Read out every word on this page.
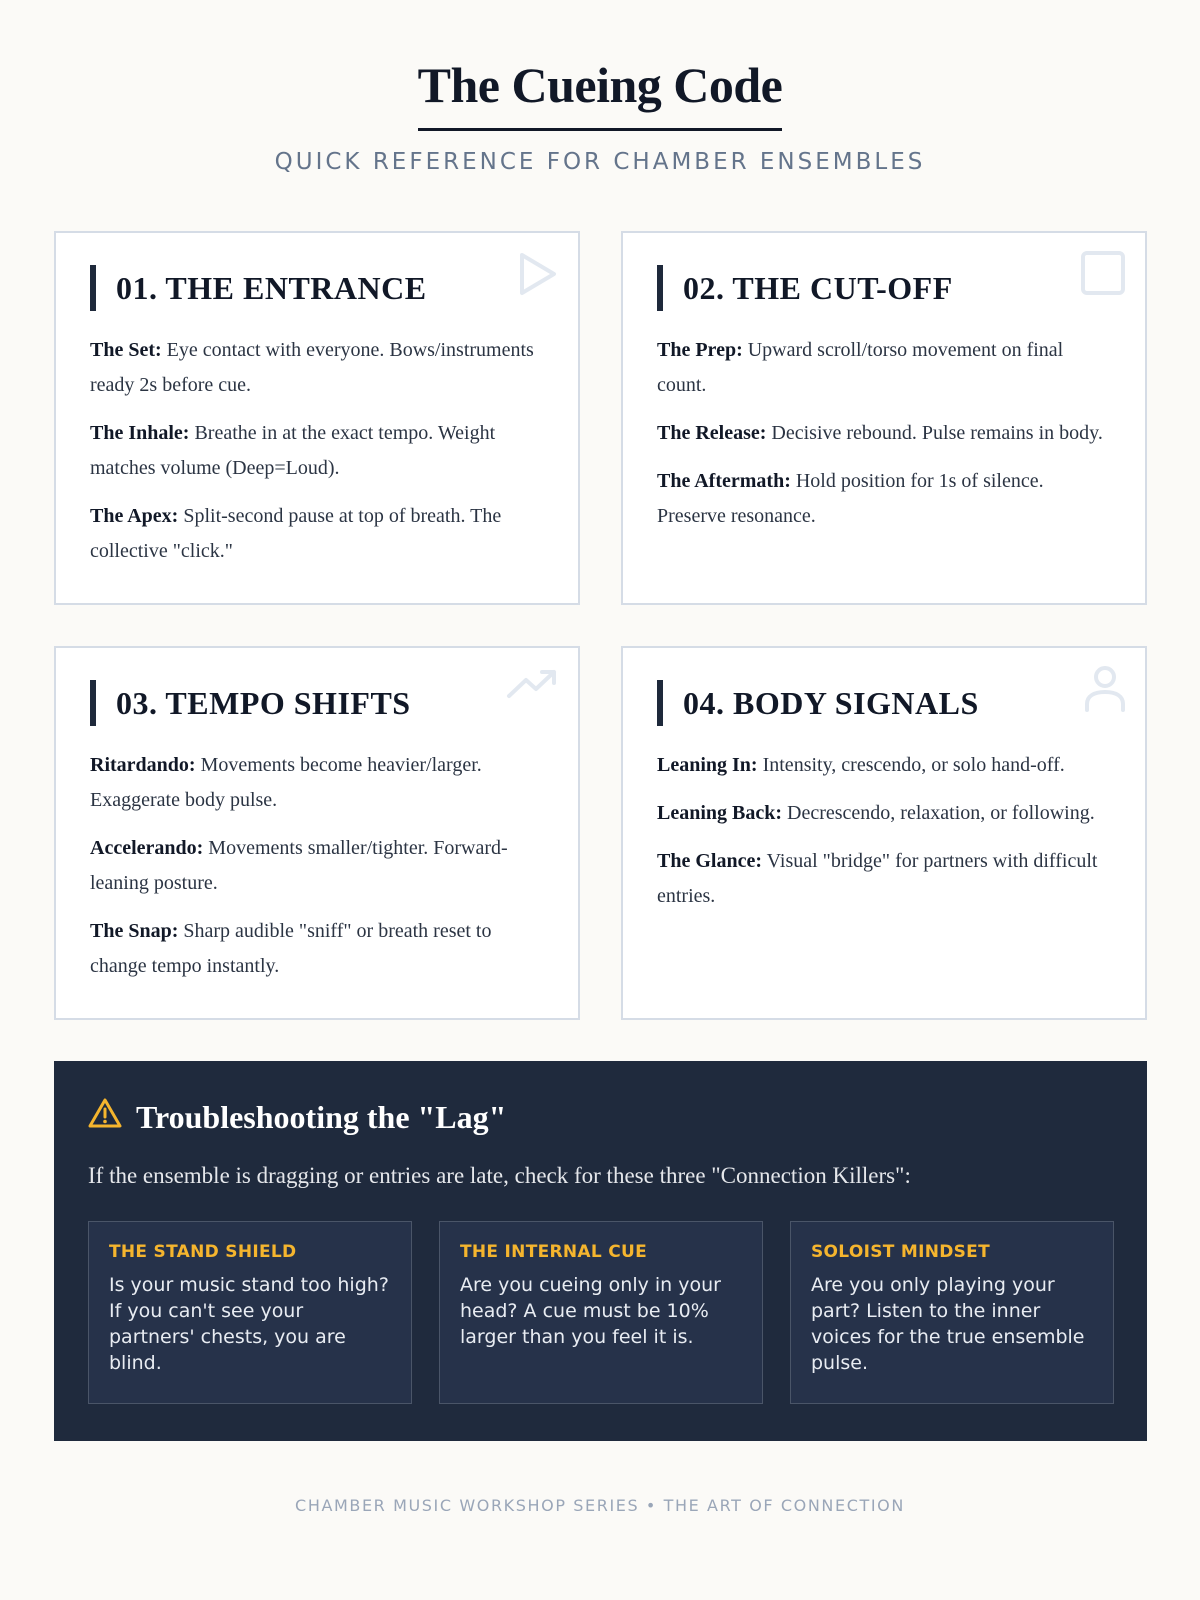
The Cueing Code
QUICK REFERENCE FOR CHAMBER ENSEMBLES
01. THE ENTRANCE
The Set: Eye contact with everyone. Bows/instruments ready 2s before cue.
The Inhale: Breathe in at the exact tempo. Weight matches volume (Deep=Loud).
The Apex: Split-second pause at top of breath. The collective "click."
02. THE CUT-OFF
The Prep: Upward scroll/torso movement on final count.
The Release: Decisive rebound. Pulse remains in body.
The Aftermath: Hold position for 1s of silence. Preserve resonance.
03. TEMPO SHIFTS
Ritardando: Movements become heavier/larger. Exaggerate body pulse.
Accelerando: Movements smaller/tighter. Forward-leaning posture.
The Snap: Sharp audible "sniff" or breath reset to change tempo instantly.
04. BODY SIGNALS
Leaning In: Intensity, crescendo, or solo hand-off.
Leaning Back: Decrescendo, relaxation, or following.
The Glance: Visual "bridge" for partners with difficult entries.
Troubleshooting the "Lag"
If the ensemble is dragging or entries are late, check for these three "Connection Killers":
THE STAND SHIELD
Is your music stand too high? If you can't see your partners' chests, you are blind.
THE INTERNAL CUE
Are you cueing only in your head? A cue must be 10% larger than you feel it is.
SOLOIST MINDSET
Are you only playing your part? Listen to the inner voices for the true ensemble pulse.
CHAMBER MUSIC WORKSHOP SERIES • THE ART OF CONNECTION
